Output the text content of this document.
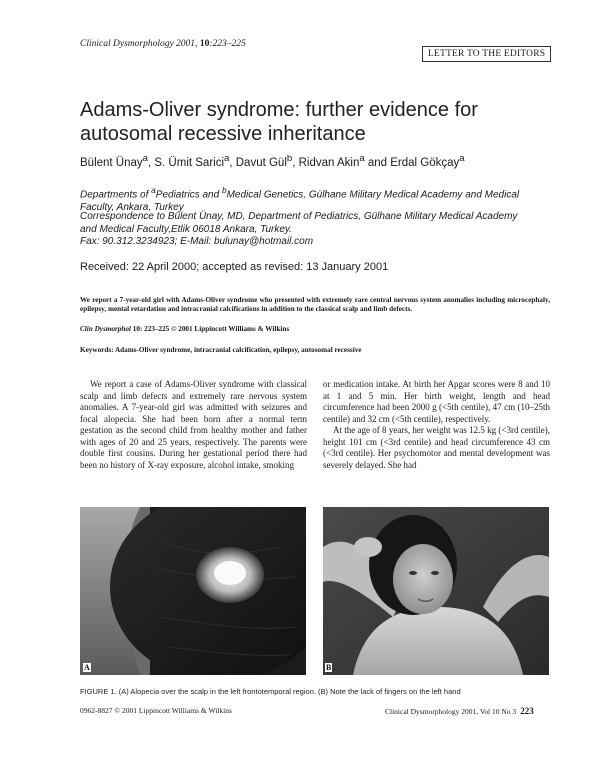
Clinical Dysmorphology 2001, 10:223–225
LETTER TO THE EDITORS
Adams-Oliver syndrome: further evidence for autosomal recessive inheritance
Bülent Ünay$^a$, S. Ümit Sarici$^a$, Davut Gül$^b$, Ridvan Akin$^a$ and Erdal Gökçay$^a$
Departments of $^a$Pediatrics and $^b$Medical Genetics, Gülhane Military Medical Academy and Medical Faculty, Ankara, Turkey
Correspondence to Bülent Ünay, MD, Department of Pediatrics, Gülhane Military Medical Academy and Medical Faculty,Etlik 06018 Ankara, Turkey.
Fax: 90.312.3234923; E-Mail: bulunay@hotmail.com
Received: 22 April 2000; accepted as revised: 13 January 2001
We report a 7-year-old girl with Adams-Oliver syndrome who presented with extremely rare central nervous system anomalies including microcephaly, epilepsy, mental retardation and intracranial calcifications in addition to the classical scalp and limb defects.
Clin Dysmorphol 10: 223–225 © 2001 Lippincott Williams & Wilkins
Keywords: Adams-Oliver syndrome, intracranial calcification, epilepsy, autosomal recessive

We report a case of Adams-Oliver syndrome with classical scalp and limb defects and extremely rare nervous system anomalies. A 7-year-old girl was admitted with seizures and focal alopecia. She had been born after a normal term gestation as the second child from healthy mother and father with ages of 20 and 25 years, respectively. The parents were double first cousins. During her gestational period there had been no history of X-ray exposure, alcohol intake, smoking

or medication intake. At birth her Apgar scores were 8 and 10 at 1 and 5 min. Her birth weight, length and head circumference had been 2000 g (<5th centile), 47 cm (10–25th centile) and 32 cm (<5th centile), respectively.

At the age of 8 years, her weight was 12.5 kg (<3rd centile), height 101 cm (<3rd centile) and head circumference 43 cm (<3rd centile). Her psychomotor and mental development was severely delayed. She had

A	B
FIGURE 1. (A) Alopecia over the scalp in the left frontotemporal region. (B) Note the lack of fingers on the left hand
0962-8827 © 2001 Lippincott Williams & Wilkins	Clinical Dysmorphology 2001, Vol 10 No 3 223
